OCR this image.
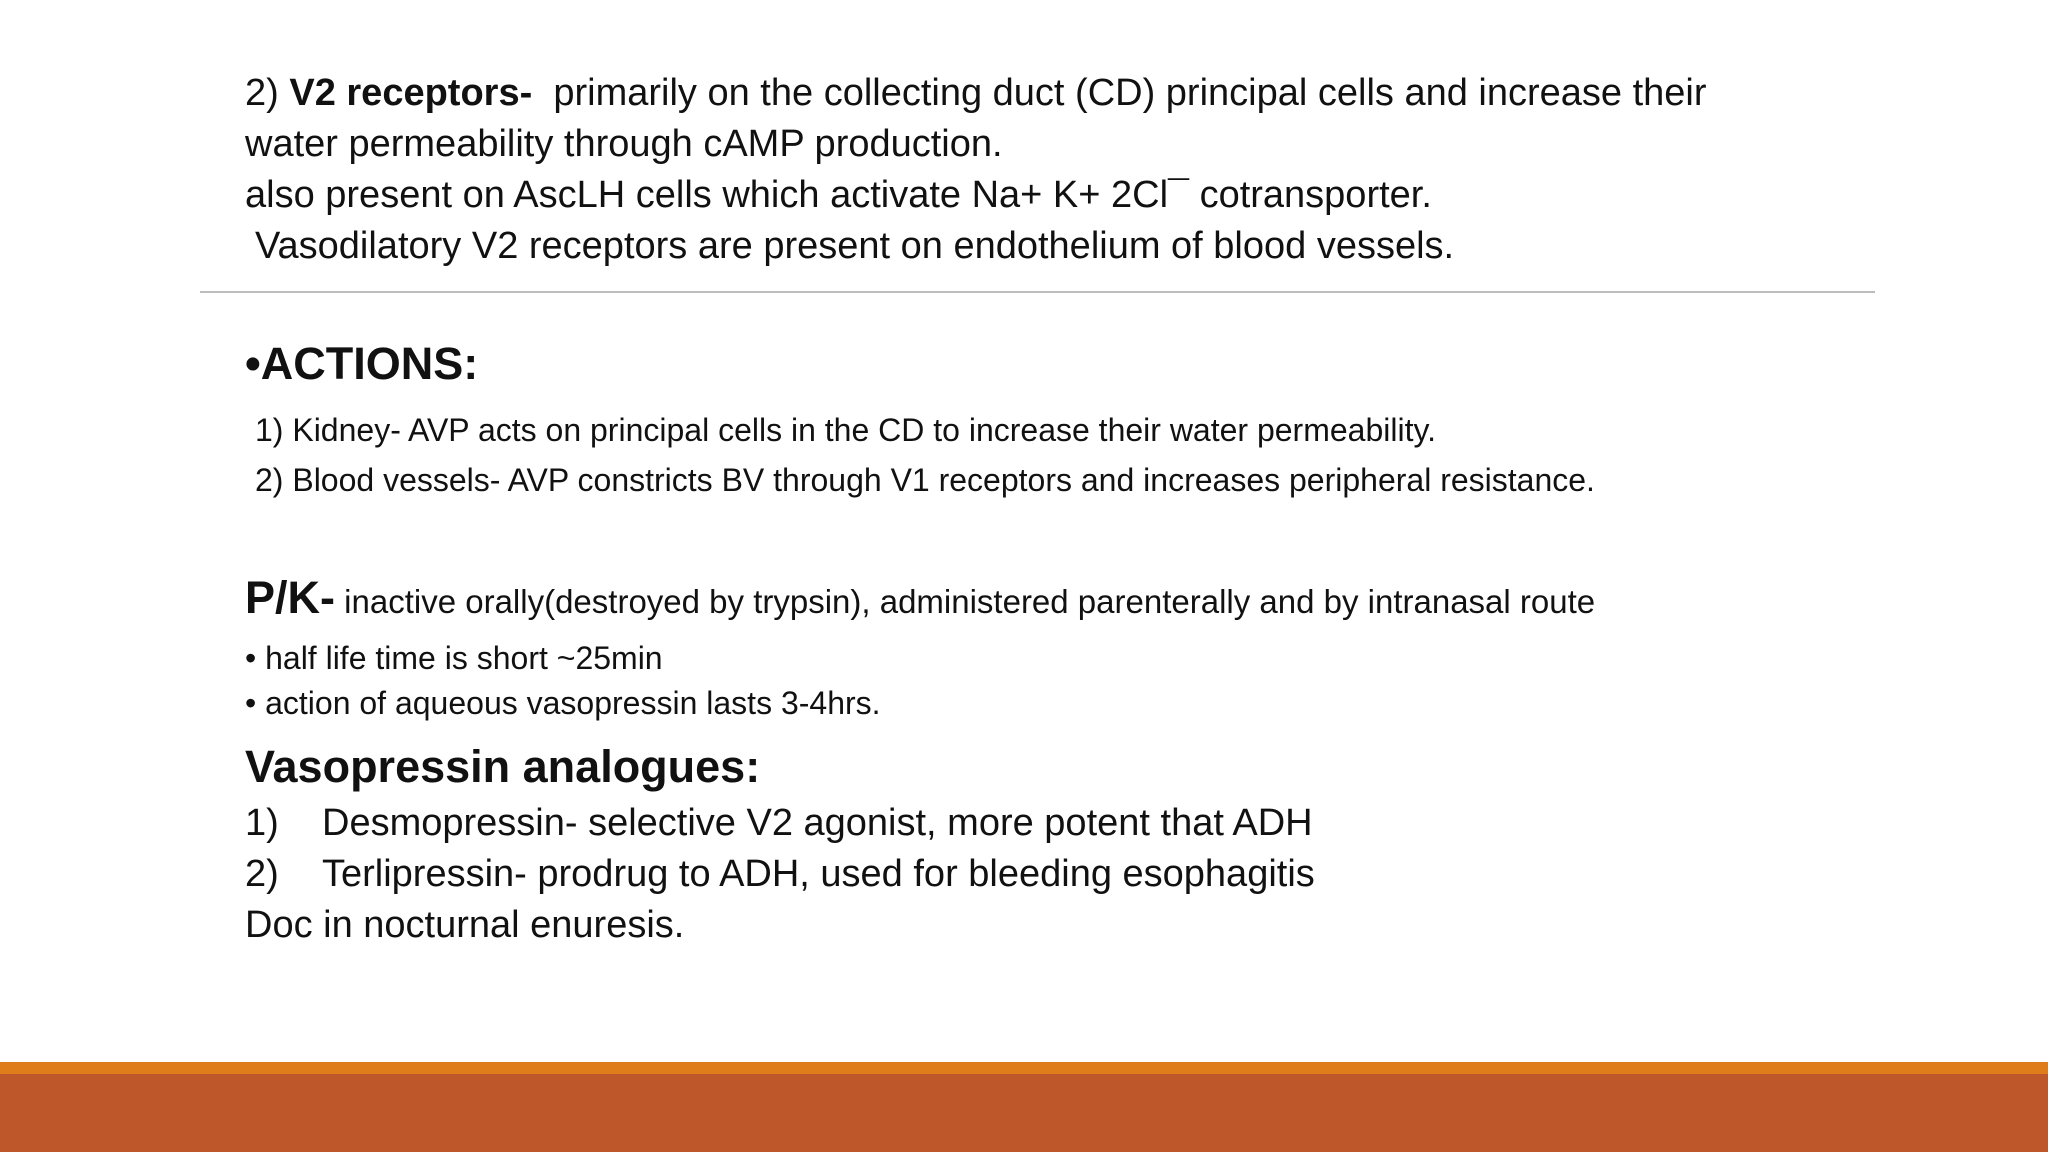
2) V2 receptors-  primarily on the collecting duct (CD) principal cells and increase their
water permeability through cAMP production.
also present on AscLH cells which activate Na+ K+ 2Cl¯ cotransporter.
Vasodilatory V2 receptors are present on endothelium of blood vessels.
•ACTIONS:
1) Kidney- AVP acts on principal cells in the CD to increase their water permeability.
2) Blood vessels- AVP constricts BV through V1 receptors and increases peripheral resistance.
P/K- inactive orally(destroyed by trypsin), administered parenterally and by intranasal route
• half life time is short ~25min
• action of aqueous vasopressin lasts 3-4hrs.
Vasopressin analogues:
1)	Desmopressin- selective V2 agonist, more potent that ADH
2)	Terlipressin- prodrug to ADH, used for bleeding esophagitis
Doc in nocturnal enuresis.
